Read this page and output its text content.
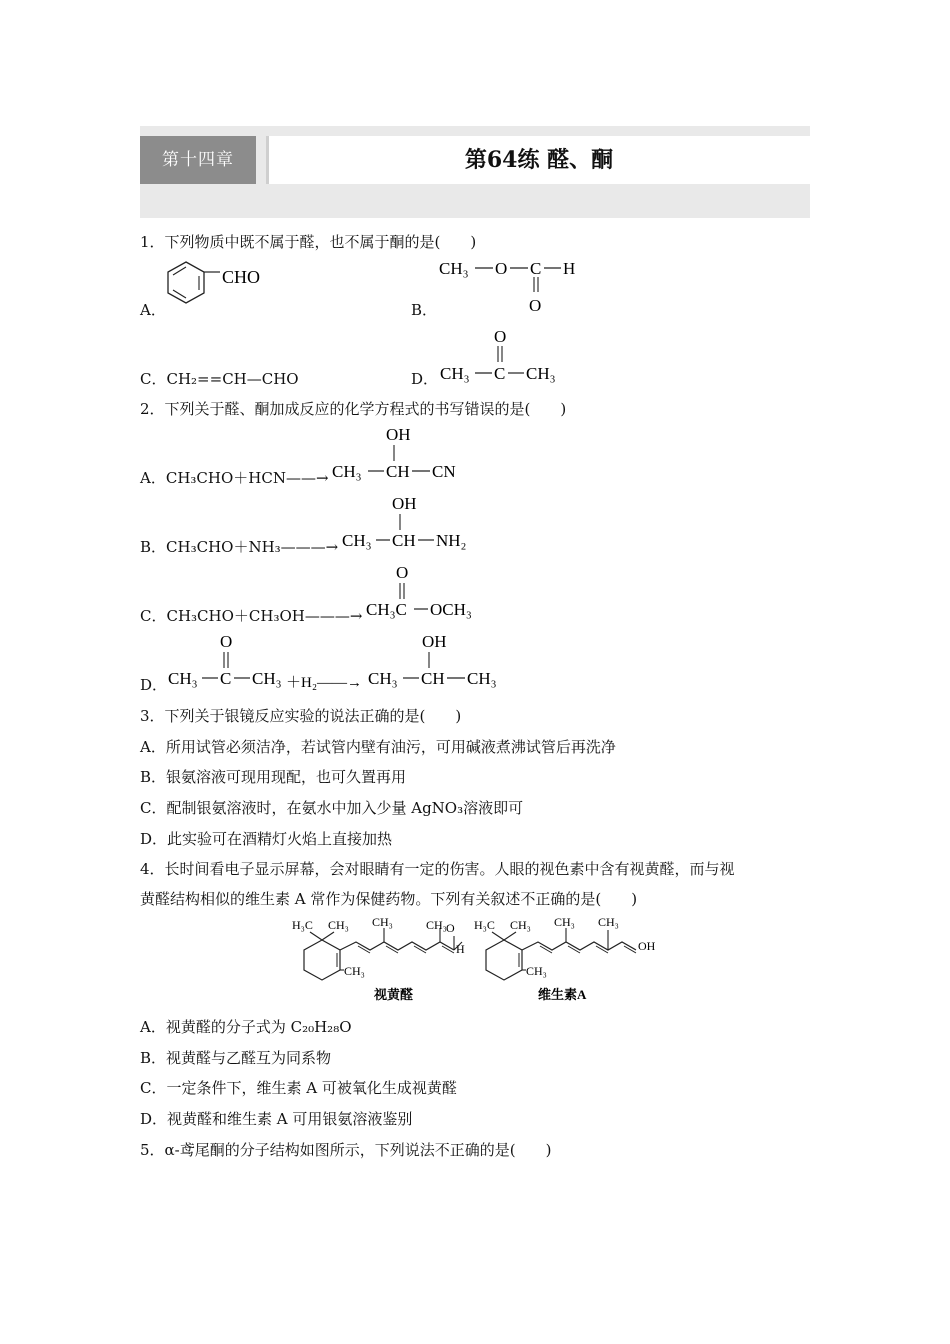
第十四章	第64练 醛、酮
1．下列物质中既不属于醛，也不属于酮的是(　　)
A．
CHO
B．
CH₃ O C H
O
C．CH₂==CH—CHO	D．
O
CH₃ C CH₃
2．下列关于醛、酮加成反应的化学方程式的书写错误的是(　　)
A．CH₃CHO＋HCN——→
OH
CH₃ CH CN
B．CH₃CHO＋NH₃———→
OH
CH₃ CH NH₂
C．CH₃CHO＋CH₃OH———→
O
CH₃C OCH₃
D．
O
CH₃ C CH₃ ＋H₂——→
OH
CH₃ CH CH₃
3．下列关于银镜反应实验的说法正确的是(　　)
A．所用试管必须洁净，若试管内壁有油污，可用碱液煮沸试管后再洗净
B．银氨溶液可现用现配，也可久置再用
C．配制银氨溶液时，在氨水中加入少量 AgNO₃溶液即可
D．此实验可在酒精灯火焰上直接加热
4．长时间看电子显示屏幕，会对眼睛有一定的伤害。人眼的视色素中含有视黄醛，而与视
黄醛结构相似的维生素 A 常作为保健药物。下列有关叙述不正确的是(　　)
H₃C CH₃ CH₃	CH₃ O
H
CH₃
视黄醛
H₃C CH₃ CH₃ CH₃
OH
CH₃
维生素A
A．视黄醛的分子式为 C₂₀H₂₈O
B．视黄醛与乙醛互为同系物
C．一定条件下，维生素 A 可被氧化生成视黄醛
D．视黄醛和维生素 A 可用银氨溶液鉴别
5．α-鸢尾酮的分子结构如图所示，下列说法不正确的是(　　)
